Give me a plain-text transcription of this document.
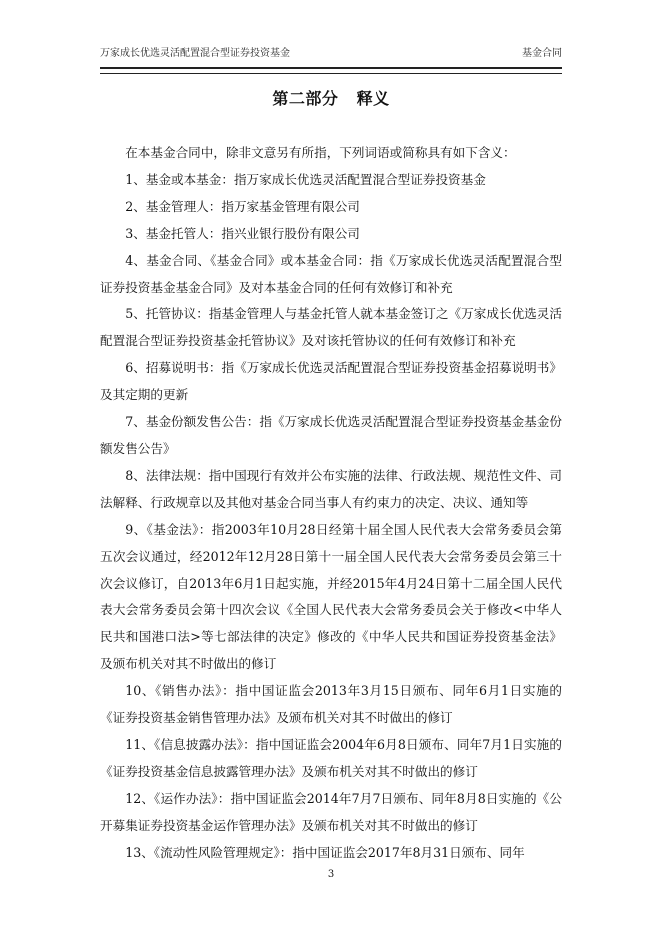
万家成长优选灵活配置混合型证券投资基金	基金合同
第二部分   释义

在本基金合同中，除非文意另有所指，下列词语或简称具有如下含义：

1、基金或本基金：指万家成长优选灵活配置混合型证券投资基金

2、基金管理人：指万家基金管理有限公司

3、基金托管人：指兴业银行股份有限公司

4、基金合同、《基金合同》或本基金合同：指《万家成长优选灵活配置混合型证券投资基金基金合同》及对本基金合同的任何有效修订和补充

5、托管协议：指基金管理人与基金托管人就本基金签订之《万家成长优选灵活配置混合型证券投资基金托管协议》及对该托管协议的任何有效修订和补充

6、招募说明书：指《万家成长优选灵活配置混合型证券投资基金招募说明书》及其定期的更新

7、基金份额发售公告：指《万家成长优选灵活配置混合型证券投资基金基金份额发售公告》

8、法律法规：指中国现行有效并公布实施的法律、行政法规、规范性文件、司法解释、行政规章以及其他对基金合同当事人有约束力的决定、决议、通知等

9、《基金法》：指2003年10月28日经第十届全国人民代表大会常务委员会第五次会议通过，经2012年12月28日第十一届全国人民代表大会常务委员会第三十次会议修订，自2013年6月1日起实施，并经2015年4月24日第十二届全国人民代表大会常务委员会第十四次会议《全国人民代表大会常务委员会关于修改<中华人民共和国港口法>等七部法律的决定》修改的《中华人民共和国证券投资基金法》及颁布机关对其不时做出的修订

10、《销售办法》：指中国证监会2013年3月15日颁布、同年6月1日实施的《证券投资基金销售管理办法》及颁布机关对其不时做出的修订

11、《信息披露办法》：指中国证监会2004年6月8日颁布、同年7月1日实施的《证券投资基金信息披露管理办法》及颁布机关对其不时做出的修订

12、《运作办法》：指中国证监会2014年7月7日颁布、同年8月8日实施的《公开募集证券投资基金运作管理办法》及颁布机关对其不时做出的修订

13、《流动性风险管理规定》：指中国证监会2017年8月31日颁布、同年

3
